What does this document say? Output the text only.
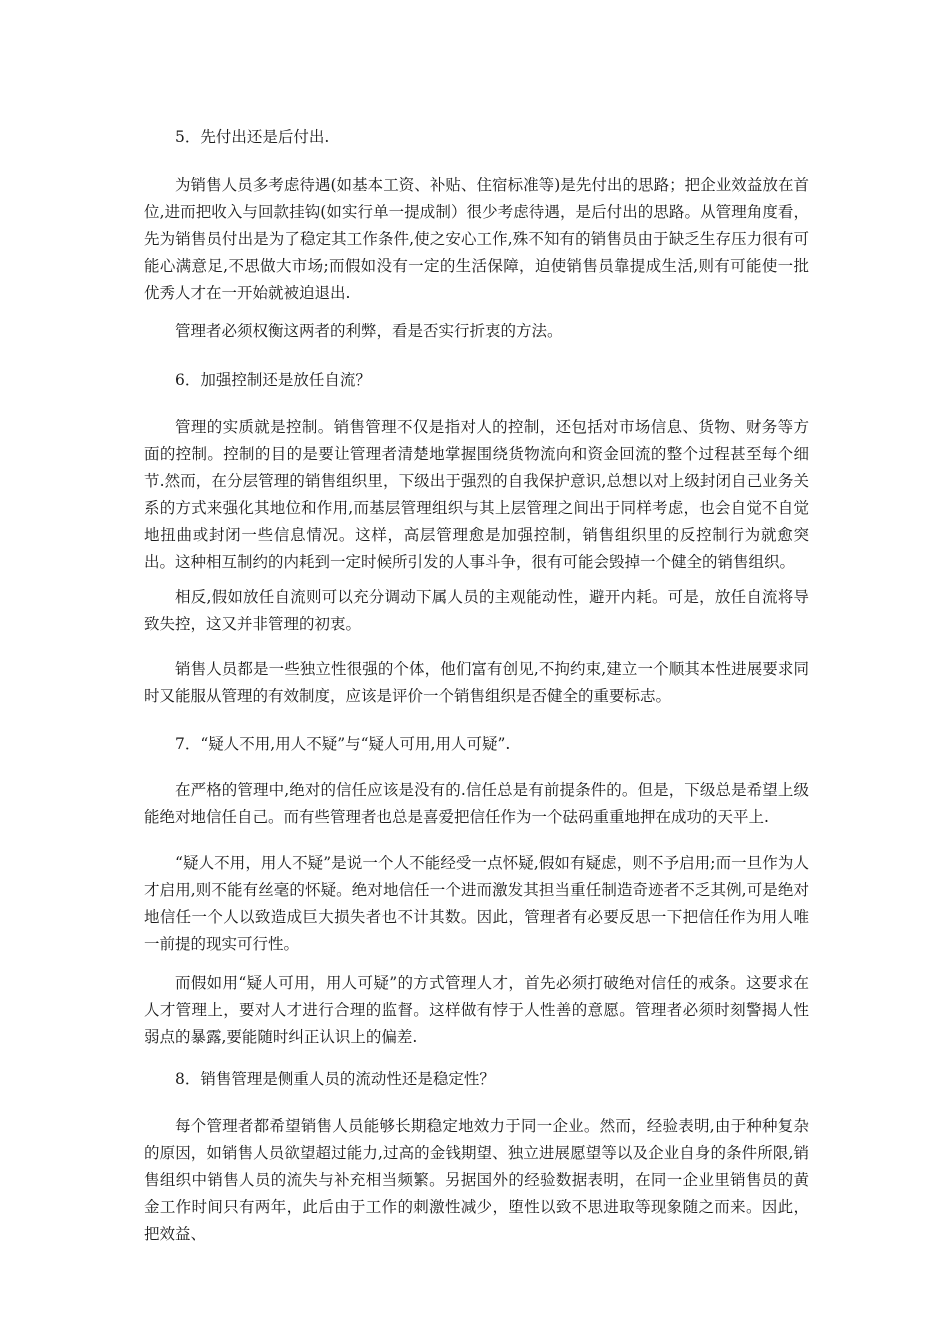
5．先付出还是后付出.

为销售人员多考虑待遇(如基本工资、补贴、住宿标准等)是先付出的思路；把企业效益放在首位,进而把收入与回款挂钩(如实行单一提成制）很少考虑待遇，是后付出的思路。从管理角度看，先为销售员付出是为了稳定其工作条件,使之安心工作,殊不知有的销售员由于缺乏生存压力很有可能心满意足,不思做大市场;而假如没有一定的生活保障，迫使销售员靠提成生活,则有可能使一批优秀人才在一开始就被迫退出.

管理者必须权衡这两者的利弊，看是否实行折衷的方法。

6．加强控制还是放任自流？

管理的实质就是控制。销售管理不仅是指对人的控制，还包括对市场信息、货物、财务等方面的控制。控制的目的是要让管理者清楚地掌握围绕货物流向和资金回流的整个过程甚至每个细节.然而，在分层管理的销售组织里，下级出于强烈的自我保护意识,总想以对上级封闭自己业务关系的方式来强化其地位和作用,而基层管理组织与其上层管理之间出于同样考虑，也会自觉不自觉地扭曲或封闭一些信息情况。这样，高层管理愈是加强控制，销售组织里的反控制行为就愈突出。这种相互制约的内耗到一定时候所引发的人事斗争，很有可能会毁掉一个健全的销售组织。

相反,假如放任自流则可以充分调动下属人员的主观能动性，避开内耗。可是，放任自流将导致失控，这又并非管理的初衷。

销售人员都是一些独立性很强的个体，他们富有创见,不拘约束,建立一个顺其本性进展要求同时又能服从管理的有效制度，应该是评价一个销售组织是否健全的重要标志。

7．“疑人不用,用人不疑”与“疑人可用,用人可疑”.

在严格的管理中,绝对的信任应该是没有的.信任总是有前提条件的。但是，下级总是希望上级能绝对地信任自己。而有些管理者也总是喜爱把信任作为一个砝码重重地押在成功的天平上.

“疑人不用，用人不疑”是说一个人不能经受一点怀疑,假如有疑虑，则不予启用;而一旦作为人才启用,则不能有丝毫的怀疑。绝对地信任一个进而激发其担当重任制造奇迹者不乏其例,可是绝对地信任一个人以致造成巨大损失者也不计其数。因此，管理者有必要反思一下把信任作为用人唯一前提的现实可行性。

而假如用“疑人可用，用人可疑”的方式管理人才，首先必须打破绝对信任的戒条。这要求在人才管理上，要对人才进行合理的监督。这样做有悖于人性善的意愿。管理者必须时刻警揭人性弱点的暴露,要能随时纠正认识上的偏差.

8．销售管理是侧重人员的流动性还是稳定性？

每个管理者都希望销售人员能够长期稳定地效力于同一企业。然而，经验表明,由于种种复杂的原因，如销售人员欲望超过能力,过高的金钱期望、独立进展愿望等以及企业自身的条件所限,销售组织中销售人员的流失与补充相当频繁。另据国外的经验数据表明，在同一企业里销售员的黄金工作时间只有两年，此后由于工作的刺激性减少，堕性以致不思进取等现象随之而来。因此，把效益、
